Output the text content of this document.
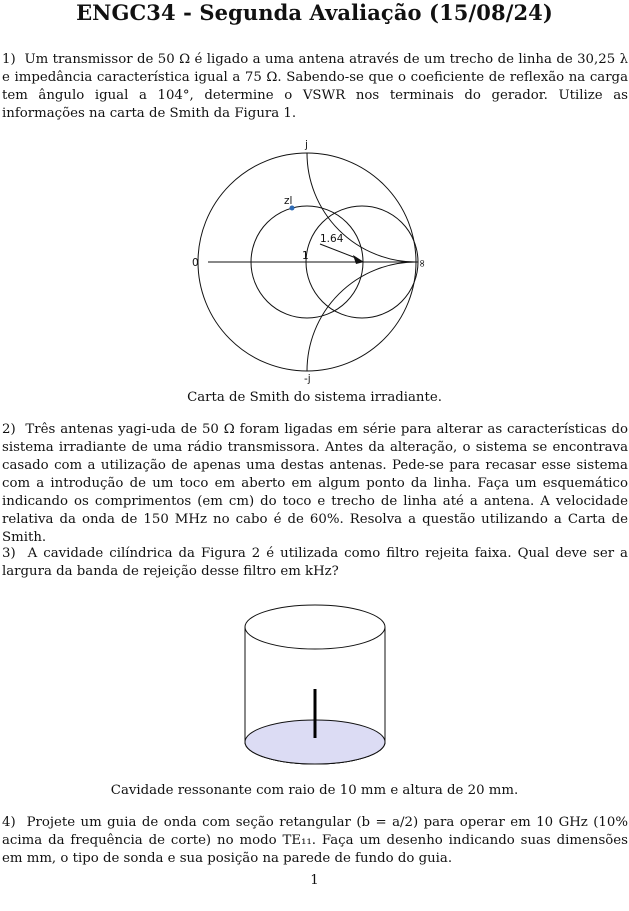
ENGC34 - Segunda Avaliação (15/08/24)
1) Um transmissor de 50 Ω é ligado a uma antena através de um trecho de linha de 30,25 λ e impedância característica igual a 75 Ω. Sabendo-se que o coeficiente de reflexão na carga tem ângulo igual a 104°, determine o VSWR nos terminais do gerador. Utilize as informações na carta de Smith da Figura 1.
j
zl
1.64
0
1
∞
-j
Carta de Smith do sistema irradiante.
2) Três antenas yagi-uda de 50 Ω foram ligadas em série para alterar as características do sistema irradiante de uma rádio transmissora. Antes da alteração, o sistema se encontrava casado com a utilização de apenas uma destas antenas. Pede-se para recasar esse sistema com a introdução de um toco em aberto em algum ponto da linha. Faça um esquemático indicando os comprimentos (em cm) do toco e trecho de linha até a antena. A velocidade relativa da onda de 150 MHz no cabo é de 60%. Resolva a questão utilizando a Carta de Smith.
3) A cavidade cilíndrica da Figura 2 é utilizada como filtro rejeita faixa. Qual deve ser a largura da banda de rejeição desse filtro em kHz?
Cavidade ressonante com raio de 10 mm e altura de 20 mm.
4) Projete um guia de onda com seção retangular (b = a/2) para operar em 10 GHz (10% acima da frequência de corte) no modo TE₁₁. Faça um desenho indicando suas dimensões em mm, o tipo de sonda e sua posição na parede de fundo do guia.
1
